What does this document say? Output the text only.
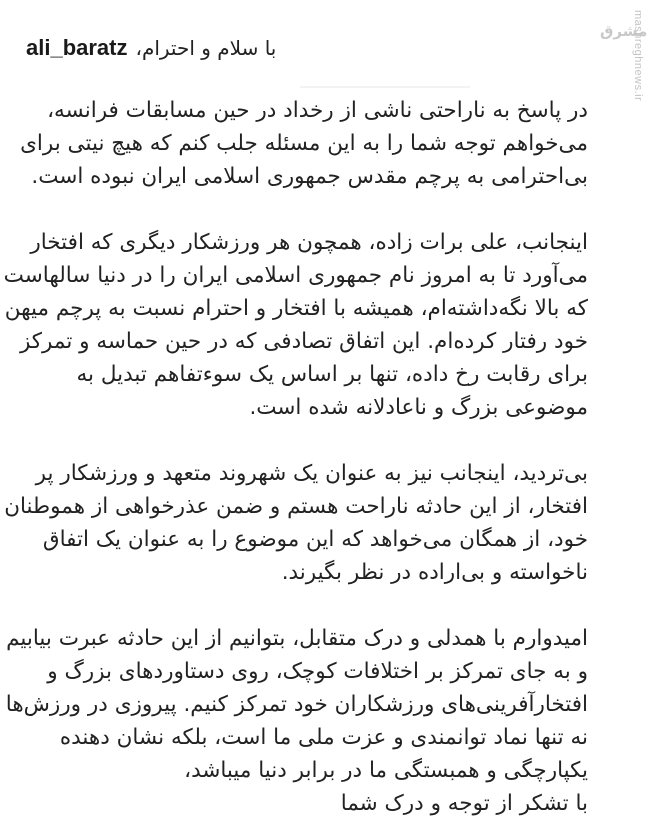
ali_baratz با سلام و احترام،
مشرق
mashreghnews.ir
در پاسخ به ناراحتی ناشی از رخداد در حین مسابقات فرانسه،
می‌خواهم توجه شما را به این مسئله جلب کنم که هیچ نیتی برای
بی‌احترامی به پرچم مقدس جمهوری اسلامی ایران نبوده است.
اینجانب، علی برات زاده، همچون هر ورزشکار دیگری که افتخار
می‌آورد تا به امروز نام جمهوری اسلامی ایران را در دنیا سالهاست
که بالا نگه‌داشته‌ام، همیشه با افتخار و احترام نسبت به پرچم میهن
خود رفتار کرده‌ام. این اتفاق تصادفی که در حین حماسه و تمرکز
برای رقابت رخ داده، تنها بر اساس یک سوءتفاهم تبدیل به
موضوعی بزرگ و ناعادلانه شده است.
بی‌تردید، اینجانب نیز به عنوان یک شهروند متعهد و ورزشکار پر
افتخار، از این حادثه ناراحت هستم و ضمن عذرخواهی از هموطنان
خود، از همگان می‌خواهد که این موضوع را به عنوان یک اتفاق
ناخواسته و بی‌اراده در نظر بگیرند.
امیدوارم با همدلی و درک متقابل، بتوانیم از این حادثه عبرت بیابیم
و به جای تمرکز بر اختلافات کوچک، روی دستاوردهای بزرگ و
افتخارآفرینی‌های ورزشکاران خود تمرکز کنیم. پیروزی در ورزش‌ها
نه تنها نماد توانمندی و عزت ملی ما است، بلکه نشان دهنده
یکپارچگی و همبستگی ما در برابر دنیا میباشد،
با تشکر از توجه و درک شما
